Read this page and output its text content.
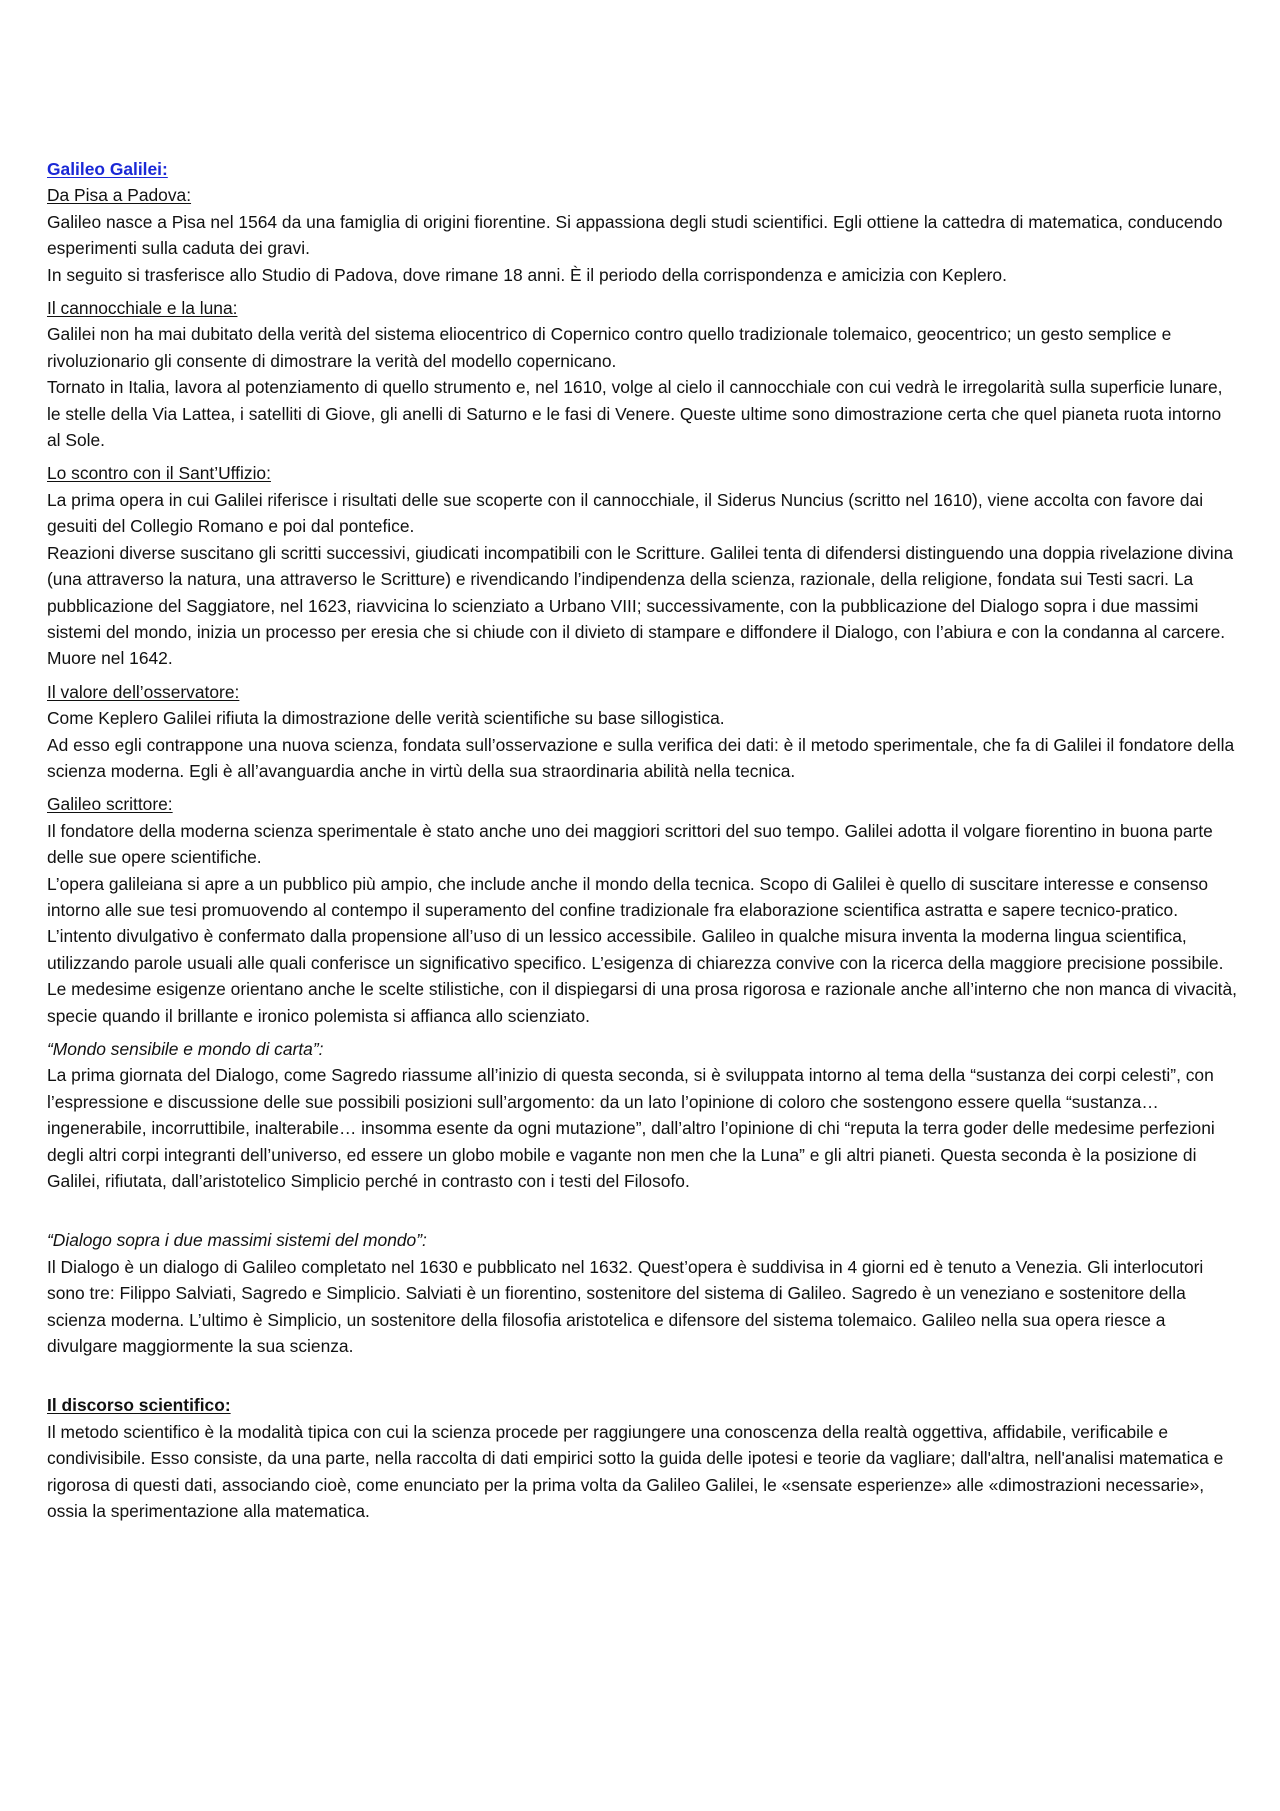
Galileo Galilei:
Da Pisa a Padova:

Galileo nasce a Pisa nel 1564 da una famiglia di origini fiorentine. Si appassiona degli studi scientifici. Egli ottiene la cattedra di matematica, conducendo esperimenti sulla caduta dei gravi.

In seguito si trasferisce allo Studio di Padova, dove rimane 18 anni. È il periodo della corrispondenza e amicizia con Keplero.

Il cannocchiale e la luna:

Galilei non ha mai dubitato della verità del sistema eliocentrico di Copernico contro quello tradizionale tolemaico, geocentrico; un gesto semplice e rivoluzionario gli consente di dimostrare la verità del modello copernicano.

Tornato in Italia, lavora al potenziamento di quello strumento e, nel 1610, volge al cielo il cannocchiale con cui vedrà le irregolarità sulla superficie lunare, le stelle della Via Lattea, i satelliti di Giove, gli anelli di Saturno e le fasi di Venere. Queste ultime sono dimostrazione certa che quel pianeta ruota intorno al Sole.

Lo scontro con il Sant’Uffizio:

La prima opera in cui Galilei riferisce i risultati delle sue scoperte con il cannocchiale, il Siderus Nuncius (scritto nel 1610), viene accolta con favore dai gesuiti del Collegio Romano e poi dal pontefice.

Reazioni diverse suscitano gli scritti successivi, giudicati incompatibili con le Scritture. Galilei tenta di difendersi distinguendo una doppia rivelazione divina (una attraverso la natura, una attraverso le Scritture) e rivendicando l’indipendenza della scienza, razionale, della religione, fondata sui Testi sacri. La pubblicazione del Saggiatore, nel 1623, riavvicina lo scienziato a Urbano VIII; successivamente, con la pubblicazione del Dialogo sopra i due massimi sistemi del mondo, inizia un processo per eresia che si chiude con il divieto di stampare e diffondere il Dialogo, con l’abiura e con la condanna al carcere. Muore nel 1642.

Il valore dell’osservatore:

Come Keplero Galilei rifiuta la dimostrazione delle verità scientifiche su base sillogistica.

Ad esso egli contrappone una nuova scienza, fondata sull’osservazione e sulla verifica dei dati: è il metodo sperimentale, che fa di Galilei il fondatore della scienza moderna. Egli è all’avanguardia anche in virtù della sua straordinaria abilità nella tecnica.

Galileo scrittore:

Il fondatore della moderna scienza sperimentale è stato anche uno dei maggiori scrittori del suo tempo. Galilei adotta il volgare fiorentino in buona parte delle sue opere scientifiche.

L’opera galileiana si apre a un pubblico più ampio, che include anche il mondo della tecnica. Scopo di Galilei è quello di suscitare interesse e consenso intorno alle sue tesi promuovendo al contempo il superamento del confine tradizionale fra elaborazione scientifica astratta e sapere tecnico-pratico.

L’intento divulgativo è confermato dalla propensione all’uso di un lessico accessibile. Galileo in qualche misura inventa la moderna lingua scientifica, utilizzando parole usuali alle quali conferisce un significativo specifico. L’esigenza di chiarezza convive con la ricerca della maggiore precisione possibile.

Le medesime esigenze orientano anche le scelte stilistiche, con il dispiegarsi di una prosa rigorosa e razionale anche all’interno che non manca di vivacità, specie quando il brillante e ironico polemista si affianca allo scienziato.

“Mondo sensibile e mondo di carta”:

La prima giornata del Dialogo, come Sagredo riassume all’inizio di questa seconda, si è sviluppata intorno al tema della “sustanza dei corpi celesti”, con l’espressione e discussione delle sue possibili posizioni sull’argomento: da un lato l’opinione di coloro che sostengono essere quella “sustanza… ingenerabile, incorruttibile, inalterabile… insomma esente da ogni mutazione”, dall’altro l’opinione di chi “reputa la terra goder delle medesime perfezioni degli altri corpi integranti dell’universo, ed essere un globo mobile e vagante non men che la Luna” e gli altri pianeti. Questa seconda è la posizione di Galilei, rifiutata, dall’aristotelico Simplicio perché in contrasto con i testi del Filosofo.

“Dialogo sopra i due massimi sistemi del mondo”:

Il Dialogo è un dialogo di Galileo completato nel 1630 e pubblicato nel 1632. Quest’opera è suddivisa in 4 giorni ed è tenuto a Venezia. Gli interlocutori sono tre: Filippo Salviati, Sagredo e Simplicio. Salviati è un fiorentino, sostenitore del sistema di Galileo. Sagredo è un veneziano e sostenitore della scienza moderna. L’ultimo è Simplicio, un sostenitore della filosofia aristotelica e difensore del sistema tolemaico. Galileo nella sua opera riesce a divulgare maggiormente la sua scienza.

Il discorso scientifico:

Il metodo scientifico è la modalità tipica con cui la scienza procede per raggiungere una conoscenza della realtà oggettiva, affidabile, verificabile e condivisibile. Esso consiste, da una parte, nella raccolta di dati empirici sotto la guida delle ipotesi e teorie da vagliare; dall'altra, nell'analisi matematica e rigorosa di questi dati, associando cioè, come enunciato per la prima volta da Galileo Galilei, le «sensate esperienze» alle «dimostrazioni necessarie», ossia la sperimentazione alla matematica.
